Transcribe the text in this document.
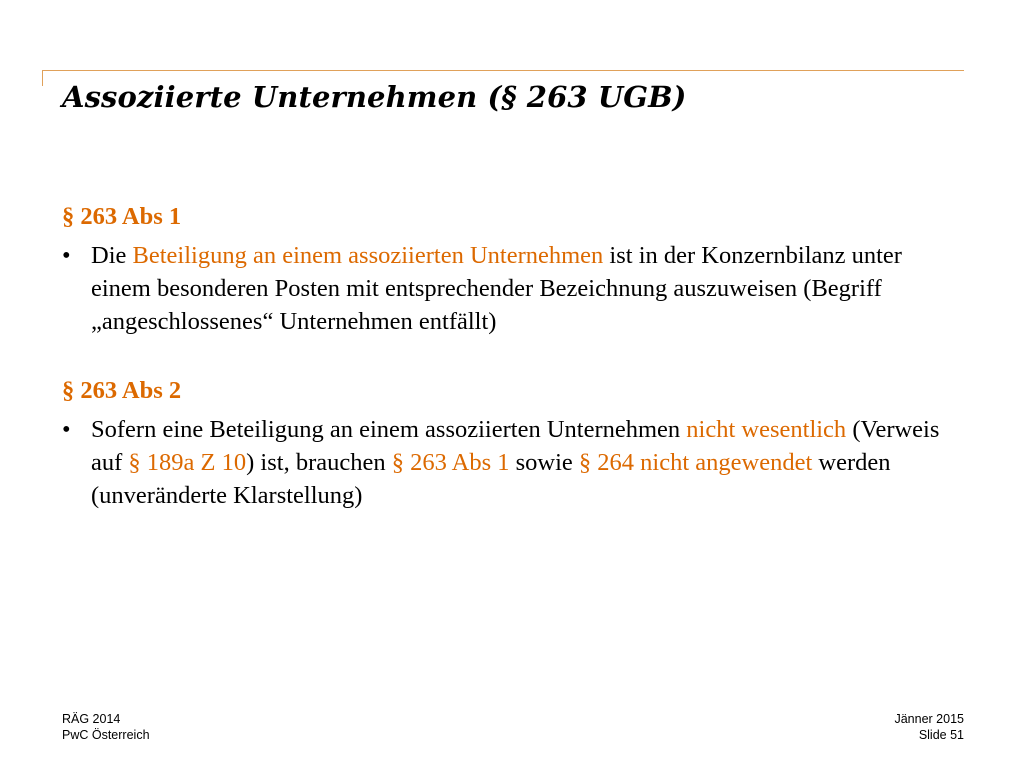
Assoziierte Unternehmen (§ 263 UGB)
§ 263 Abs 1
• Die Beteiligung an einem assoziierten Unternehmen ist in der Konzernbilanz unter einem besonderen Posten mit entsprechender Bezeichnung auszuweisen (Begriff „angeschlossenes“ Unternehmen entfällt)
§ 263 Abs 2
• Sofern eine Beteiligung an einem assoziierten Unternehmen nicht wesentlich (Verweis auf § 189a Z 10) ist, brauchen § 263 Abs 1 sowie § 264 nicht angewendet werden (unveränderte Klarstellung)
RÄG 2014
PwC Österreich
Jänner 2015
Slide 51
